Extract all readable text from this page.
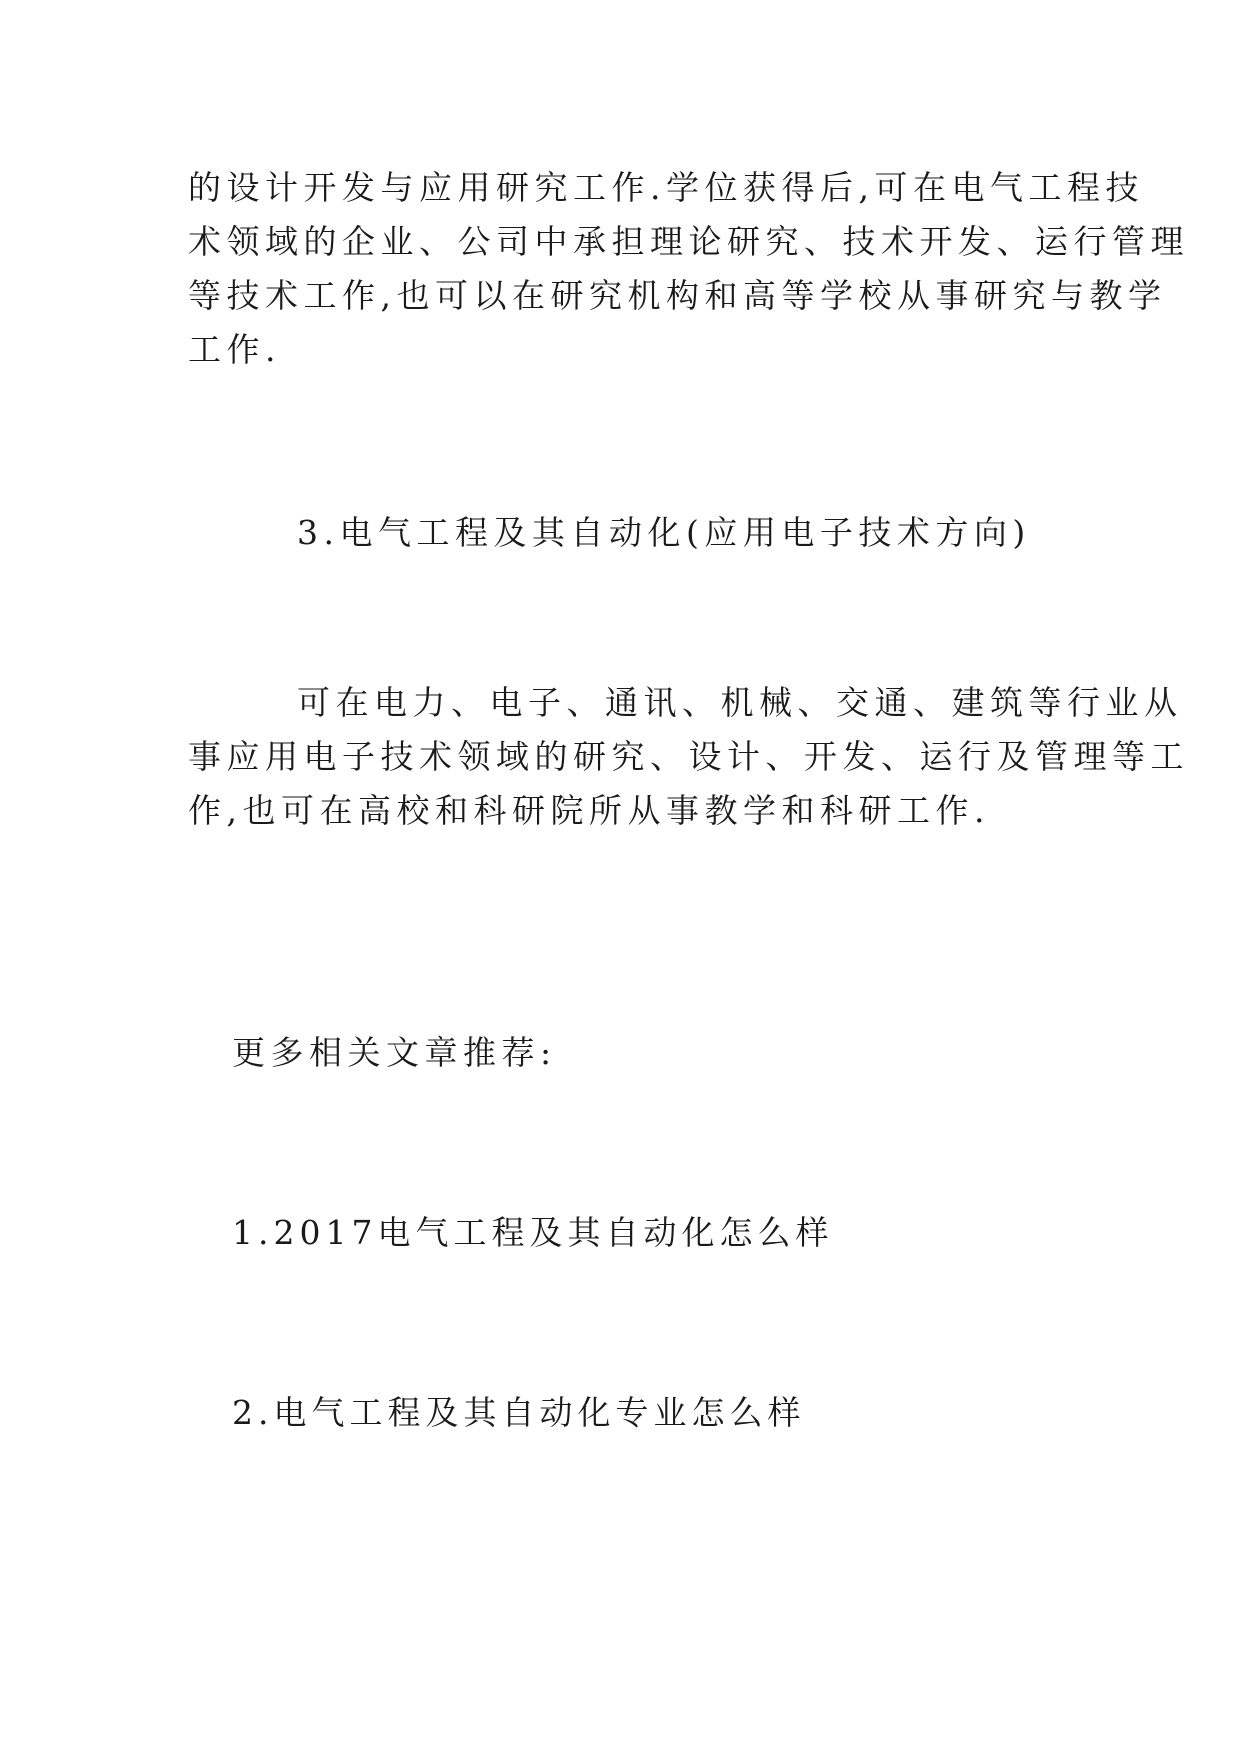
的设计开发与应用研究工作.学位获得后,可在电气工程技

术领域的企业、公司中承担理论研究、技术开发、运行管理

等技术工作,也可以在研究机构和高等学校从事研究与教学

工作.

3.电气工程及其自动化(应用电子技术方向)

可在电力、电子、通讯、机械、交通、建筑等行业从

事应用电子技术领域的研究、设计、开发、运行及管理等工

作,也可在高校和科研院所从事教学和科研工作.

更多相关文章推荐:

1.2017电气工程及其自动化怎么样
2.电气工程及其自动化专业怎么样
